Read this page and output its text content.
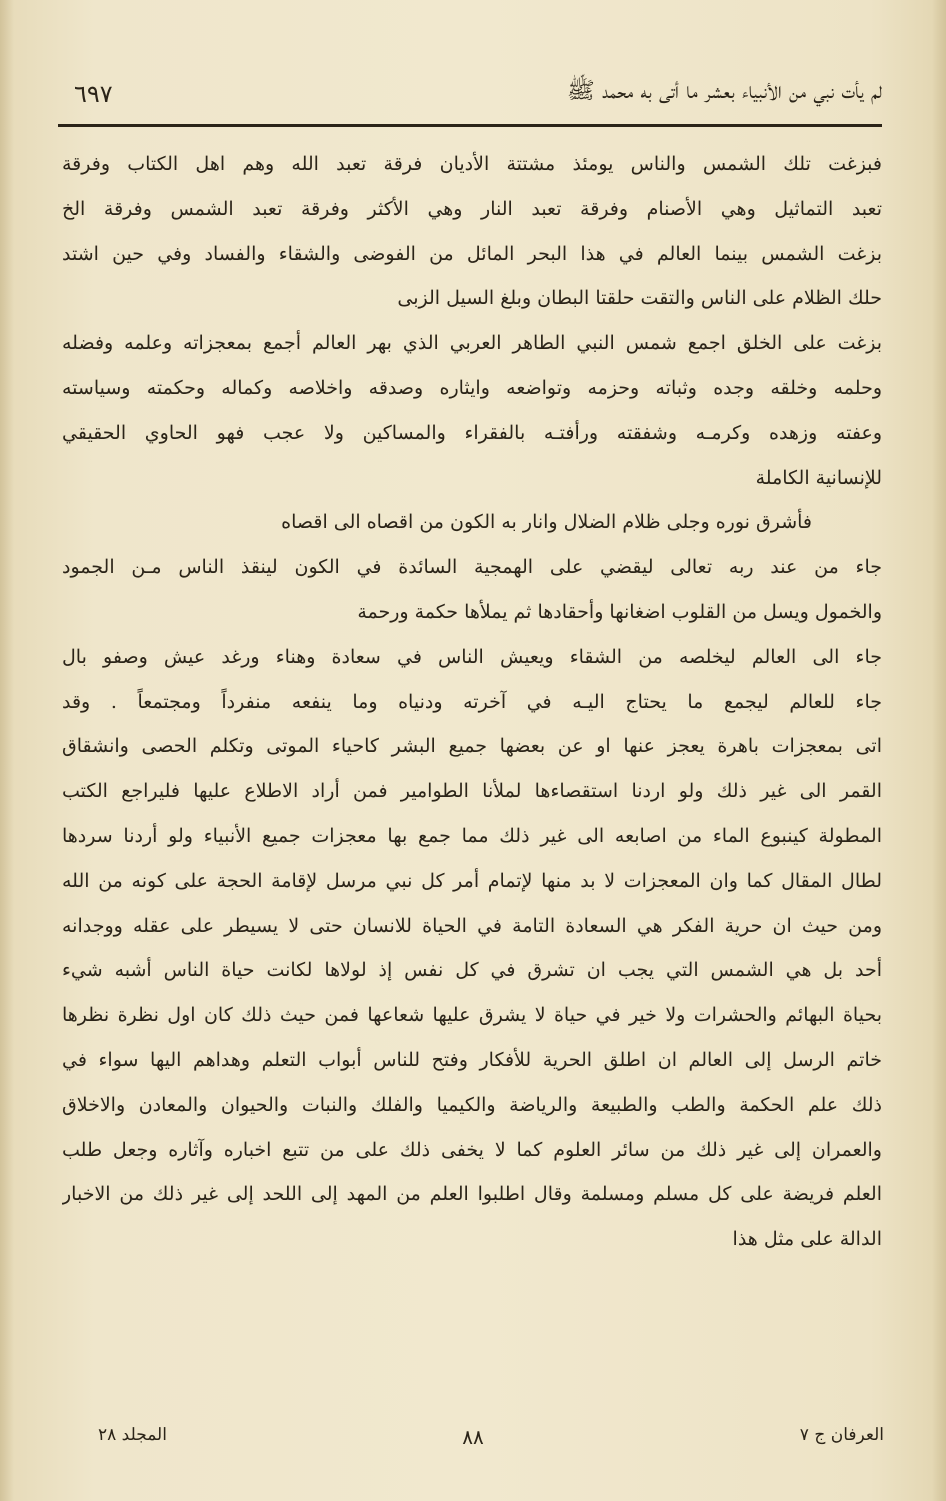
لم يأت نبي من الأنبياء بعشر ما أتى به محمد ﷺ
٦٩٧
فبزغت تلك الشمس والناس يومئذ مشتتة الأديان فرقة تعبد الله وهم اهل الكتاب وفرقة
تعبد التماثيل وهي الأصنام وفرقة تعبد النار وهي الأكثر وفرقة تعبد الشمس وفرقة الخ
بزغت الشمس بينما العالم في هذا البحر المائل من الفوضى والشقاء والفساد وفي حين اشتد
حلك الظلام على الناس والتقت حلقتا البطان وبلغ السيل الزبى
بزغت على الخلق اجمع شمس النبي الطاهر العربي الذي بهر العالم أجمع بمعجزاته وعلمه وفضله
وحلمه وخلقه وجده وثباته وحزمه وتواضعه وايثاره وصدقه واخلاصه وكماله وحكمته وسياسته
وعفته وزهده وكرمـه وشفقته ورأفتـه بالفقراء والمساكين ولا عجب فهو الحاوي الحقيقي
للإنسانية الكاملة
فأشرق نوره وجلى ظلام الضلال وانار به الكون من اقصاه الى اقصاه
جاء من عند ربه تعالى ليقضي على الهمجية السائدة في الكون لينقذ الناس مـن الجمود
والخمول ويسل من القلوب اضغانها وأحقادها ثم يملأها حكمة ورحمة
جاء الى العالم ليخلصه من الشقاء ويعيش الناس في سعادة وهناء ورغد عيش وصفو بال
جاء للعالم ليجمع ما يحتاج اليـه في آخرته ودنياه وما ينفعه منفرداً ومجتمعاً . وقد
اتى بمعجزات باهرة يعجز عنها او عن بعضها جميع البشر كاحياء الموتى وتكلم الحصى وانشقاق
القمر الى غير ذلك ولو اردنا استقصاءها لملأنا الطوامير فمن أراد الاطلاع عليها فليراجع الكتب
المطولة كينبوع الماء من اصابعه الى غير ذلك مما جمع بها معجزات جميع الأنبياء ولو أردنا سردها
لطال المقال كما وان المعجزات لا بد منها لإتمام أمر كل نبي مرسل لإقامة الحجة على كونه من الله
ومن حيث ان حرية الفكر هي السعادة التامة في الحياة للانسان حتى لا يسيطر على عقله ووجدانه
أحد بل هي الشمس التي يجب ان تشرق في كل نفس إذ لولاها لكانت حياة الناس أشبه شيء
بحياة البهائم والحشرات ولا خير في حياة لا يشرق عليها شعاعها فمن حيث ذلك كان اول نظرة نظرها
خاتم الرسل إلى العالم ان اطلق الحرية للأفكار وفتح للناس أبواب التعلم وهداهم اليها سواء في
ذلك علم الحكمة والطب والطبيعة والرياضة والكيميا والفلك والنبات والحيوان والمعادن والاخلاق
والعمران إلى غير ذلك من سائر العلوم كما لا يخفى ذلك على من تتبع اخباره وآثاره وجعل طلب
العلم فريضة على كل مسلم ومسلمة وقال اطلبوا العلم من المهد إلى اللحد إلى غير ذلك من الاخبار
الدالة على مثل هذا
العرفان ج ٧
٨٨
المجلد ٢٨
